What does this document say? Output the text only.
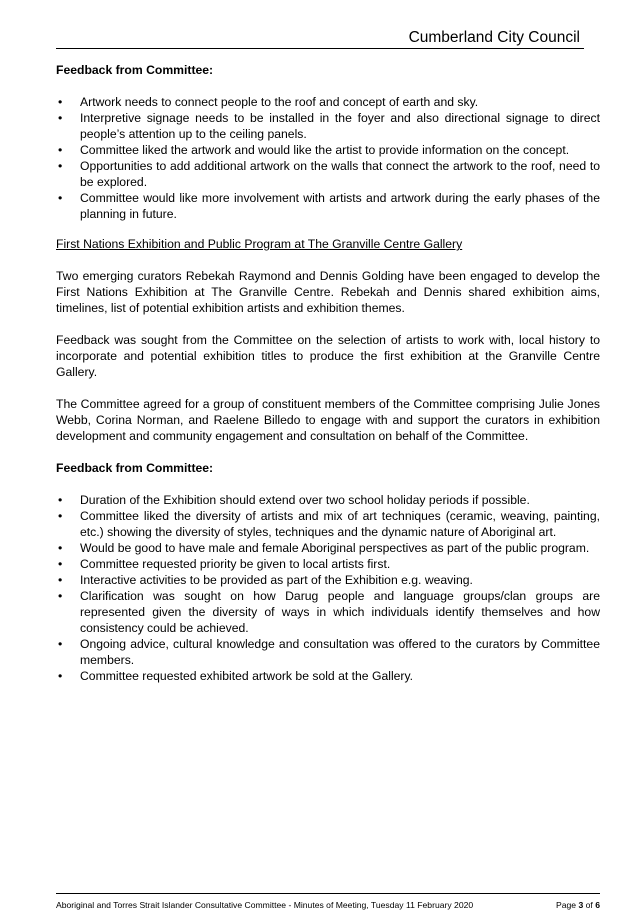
Cumberland City Council
Feedback from Committee:
• Artwork needs to connect people to the roof and concept of earth and sky.
• Interpretive signage needs to be installed in the foyer and also directional signage to direct people’s attention up to the ceiling panels.
• Committee liked the artwork and would like the artist to provide information on the concept.
• Opportunities to add additional artwork on the walls that connect the artwork to the roof, need to be explored.
• Committee would like more involvement with artists and artwork during the early phases of the planning in future.
First Nations Exhibition and Public Program at The Granville Centre Gallery

Two emerging curators Rebekah Raymond and Dennis Golding have been engaged to develop the First Nations Exhibition at The Granville Centre. Rebekah and Dennis shared exhibition aims, timelines, list of potential exhibition artists and exhibition themes.

Feedback was sought from the Committee on the selection of artists to work with, local history to incorporate and potential exhibition titles to produce the first exhibition at the Granville Centre Gallery.

The Committee agreed for a group of constituent members of the Committee comprising Julie Jones Webb, Corina Norman, and Raelene Billedo to engage with and support the curators in exhibition development and community engagement and consultation on behalf of the Committee.

Feedback from Committee:
• Duration of the Exhibition should extend over two school holiday periods if possible.
• Committee liked the diversity of artists and mix of art techniques (ceramic, weaving, painting, etc.) showing the diversity of styles, techniques and the dynamic nature of Aboriginal art.
• Would be good to have male and female Aboriginal perspectives as part of the public program.
• Committee requested priority be given to local artists first.
• Interactive activities to be provided as part of the Exhibition e.g. weaving.
• Clarification was sought on how Darug people and language groups/clan groups are represented given the diversity of ways in which individuals identify themselves and how consistency could be achieved.
• Ongoing advice, cultural knowledge and consultation was offered to the curators by Committee members.
• Committee requested exhibited artwork be sold at the Gallery.
Aboriginal and Torres Strait Islander Consultative Committee - Minutes of Meeting, Tuesday 11 February 2020	Page 3 of 6
